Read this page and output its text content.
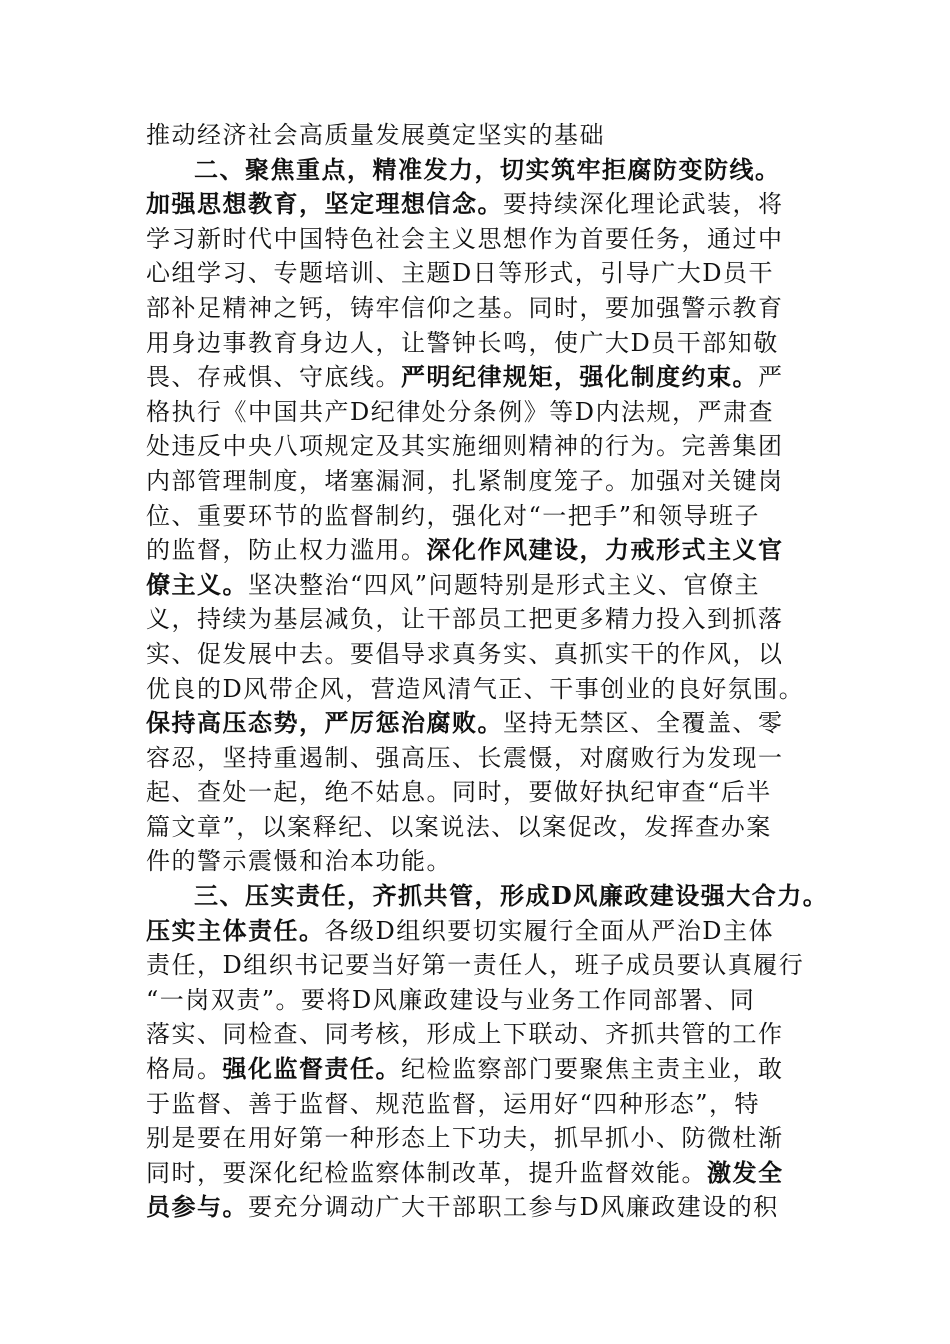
推动经济社会高质量发展奠定坚实的基础
二、聚焦重点，精准发力，切实筑牢拒腐防变防线。
加强思想教育，坚定理想信念。要持续深化理论武装，将
学习新时代中国特色社会主义思想作为首要任务，通过中
心组学习、专题培训、主题D日等形式，引导广大D员干
部补足精神之钙，铸牢信仰之基。同时，要加强警示教育
用身边事教育身边人，让警钟长鸣，使广大D员干部知敬
畏、存戒惧、守底线。严明纪律规矩，强化制度约束。严
格执行《中国共产D纪律处分条例》等D内法规，严肃查
处违反中央八项规定及其实施细则精神的行为。完善集团
内部管理制度，堵塞漏洞，扎紧制度笼子。加强对关键岗
位、重要环节的监督制约，强化对“一把手”和领导班子
的监督，防止权力滥用。深化作风建设，力戒形式主义官
僚主义。坚决整治“四风”问题特别是形式主义、官僚主
义，持续为基层减负，让干部员工把更多精力投入到抓落
实、促发展中去。要倡导求真务实、真抓实干的作风，以
优良的D风带企风，营造风清气正、干事创业的良好氛围。
保持高压态势，严厉惩治腐败。坚持无禁区、全覆盖、零
容忍，坚持重遏制、强高压、长震慑，对腐败行为发现一
起、查处一起，绝不姑息。同时，要做好执纪审查“后半
篇文章”，以案释纪、以案说法、以案促改，发挥查办案
件的警示震慑和治本功能。
三、压实责任，齐抓共管，形成D风廉政建设强大合力。
压实主体责任。各级D组织要切实履行全面从严治D主体
责任，D组织书记要当好第一责任人，班子成员要认真履行
“一岗双责”。要将D风廉政建设与业务工作同部署、同
落实、同检查、同考核，形成上下联动、齐抓共管的工作
格局。强化监督责任。纪检监察部门要聚焦主责主业，敢
于监督、善于监督、规范监督，运用好“四种形态”，特
别是要在用好第一种形态上下功夫，抓早抓小、防微杜渐
同时，要深化纪检监察体制改革，提升监督效能。激发全
员参与。要充分调动广大干部职工参与D风廉政建设的积
